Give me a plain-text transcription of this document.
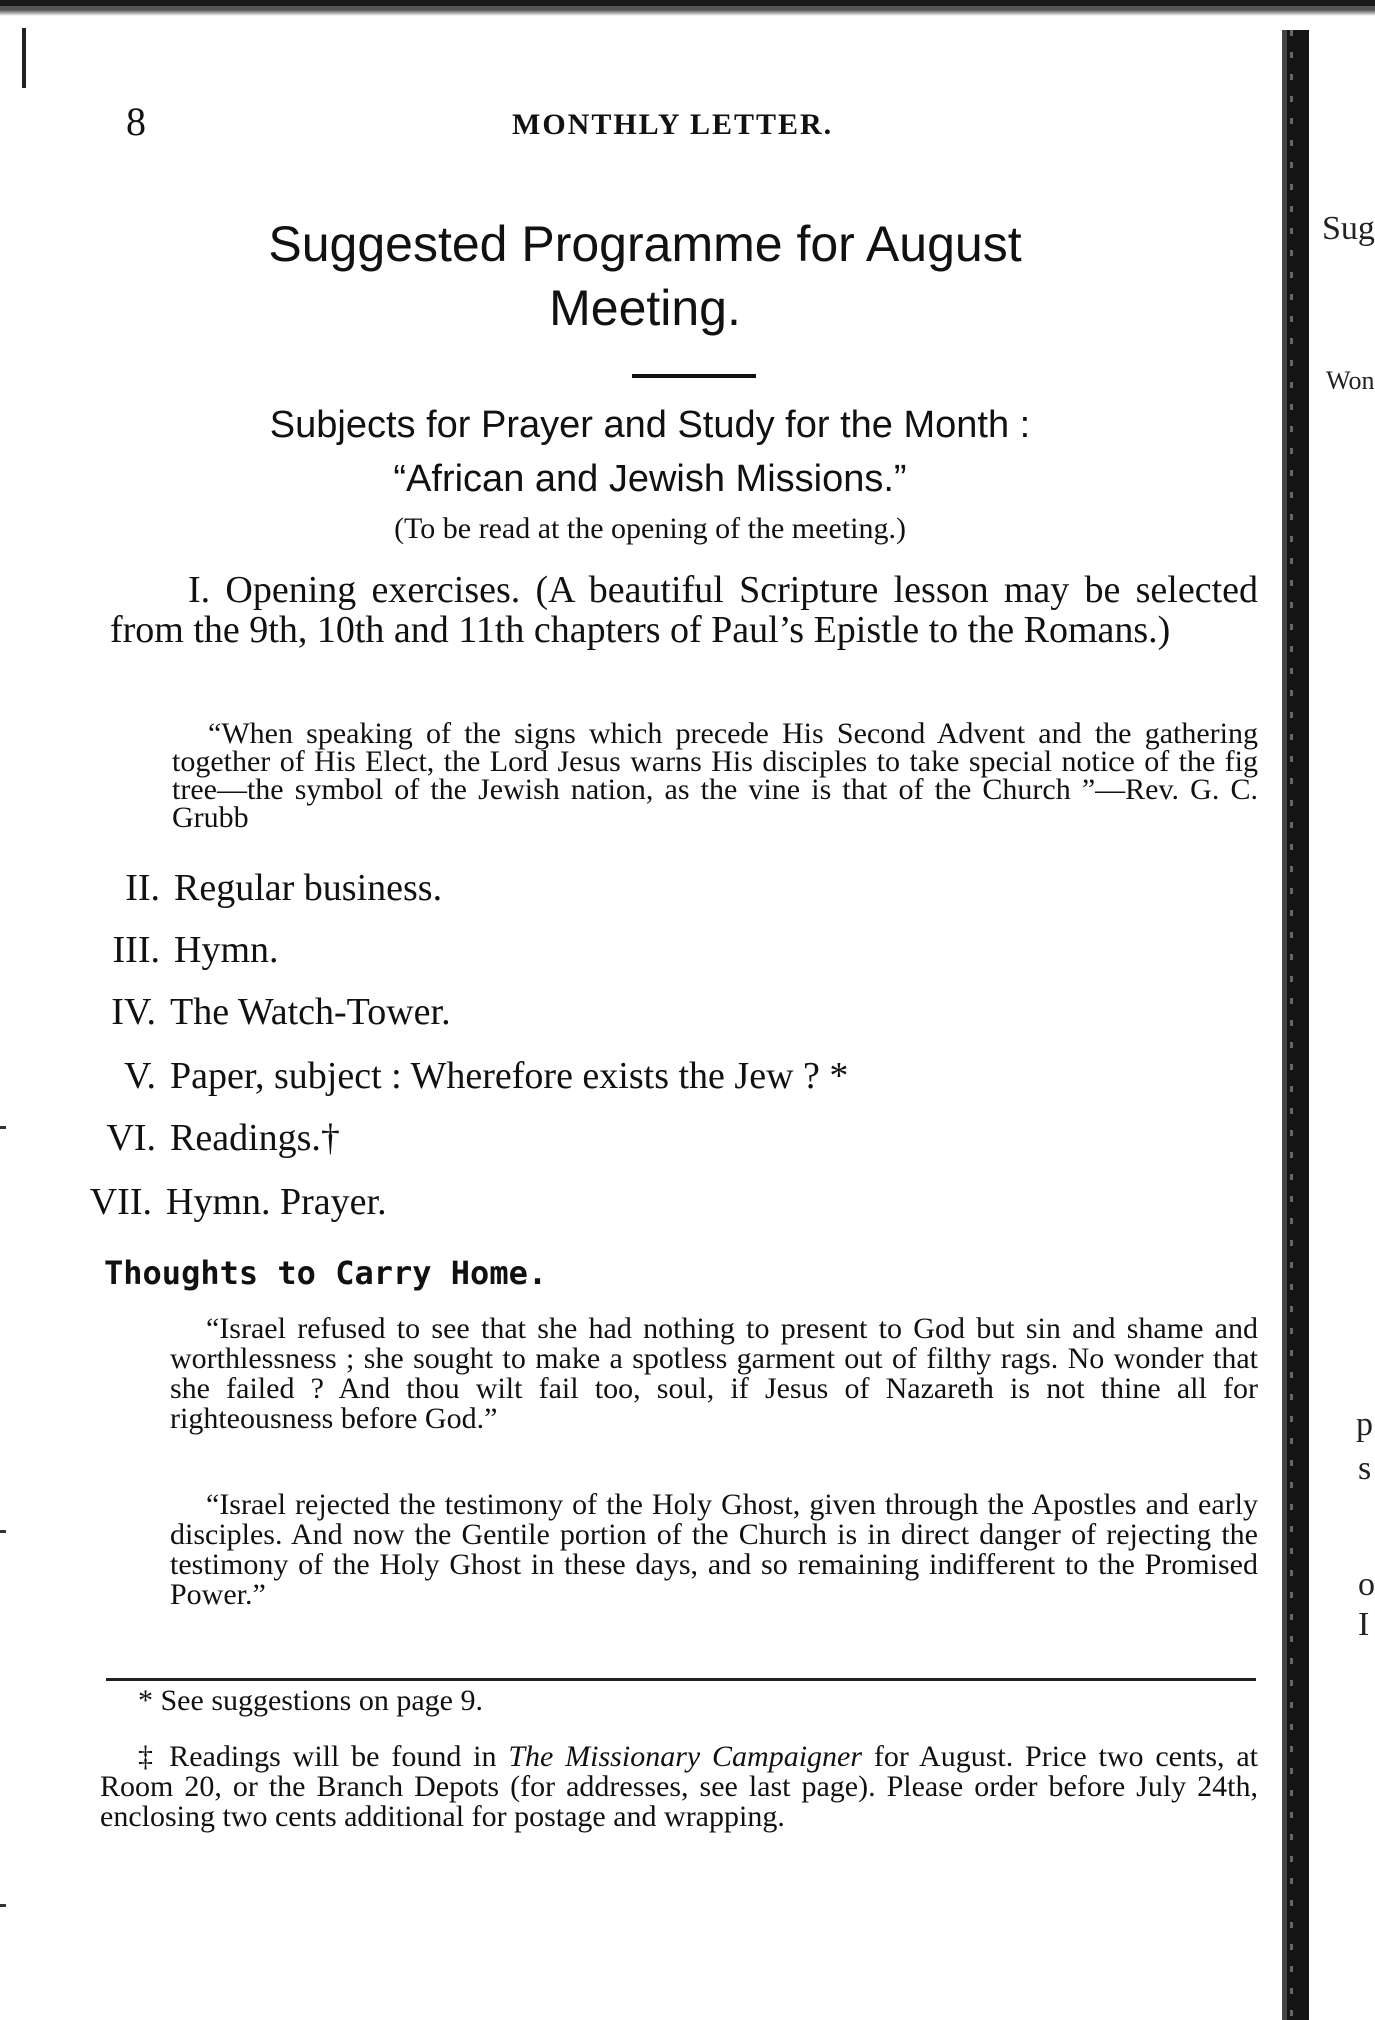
8	MONTHLY LETTER.
Suggested Programme for August
Meeting.
Subjects for Prayer and Study for the Month :
“African and Jewish Missions.”
(To be read at the opening of the meeting.)
I. Opening exercises. (A beautiful Scripture lesson may be selected from the 9th, 10th and 11th chapters of Paul’s Epistle to the Romans.)
“When speaking of the signs which precede His Second Advent and the gathering together of His Elect, the Lord Jesus warns His disciples to take special notice of the fig tree—the symbol of the Jewish nation, as the vine is that of the Church ”—Rev. G. C. Grubb
II. Regular business.
III. Hymn.
IV. The Watch-Tower.
V. Paper, subject : Wherefore exists the Jew ? *
VI. Readings.†
VII. Hymn. Prayer.
Thoughts to Carry Home.
“Israel refused to see that she had nothing to present to God but sin and shame and worthlessness ; she sought to make a spotless garment out of filthy rags. No wonder that she failed ? And thou wilt fail too, soul, if Jesus of Nazareth is not thine all for righteousness before God.”
“Israel rejected the testimony of the Holy Ghost, given through the Apostles and early disciples. And now the Gentile portion of the Church is in direct danger of rejecting the testimony of the Holy Ghost in these days, and so remaining indifferent to the Promised Power.”
* See suggestions on page 9.
‡ Readings will be found in The Missionary Campaigner for August. Price two cents, at Room 20, or the Branch Depots (for addresses, see last page). Please order before July 24th, enclosing two cents additional for postage and wrapping.
Sug
Won
p
s
o
I
